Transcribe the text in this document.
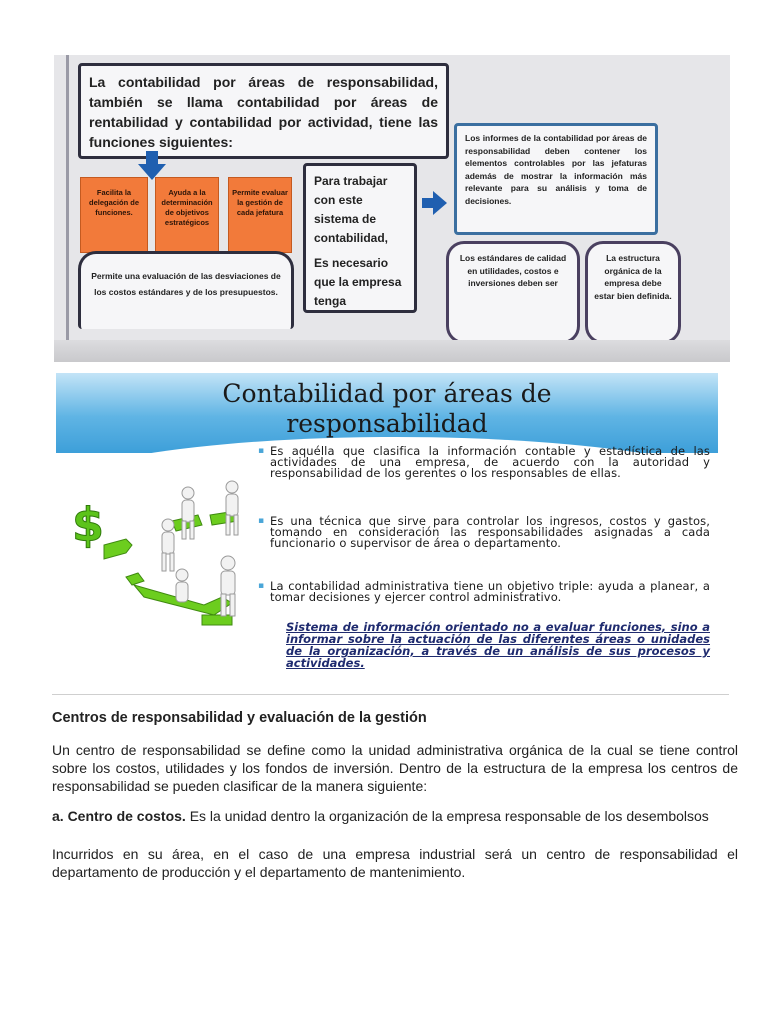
La contabilidad por áreas de responsabilidad, también se llama contabilidad por áreas de rentabilidad y contabilidad por actividad, tiene las funciones siguientes:
Facilita la delegación de funciones.
Ayuda a la determinación de objetivos estratégicos
Permite evaluar la gestión de cada jefatura
Permite una evaluación de las desviaciones de los costos estándares y de los presupuestos.
Para trabajar con este sistema de contabilidad,
Es necesario que la empresa tenga
Los informes de la contabilidad por áreas de responsabilidad deben contener los elementos controlables por las jefaturas además de mostrar la información más relevante para su análisis y toma de decisiones.
Los estándares de calidad en utilidades, costos e inversiones deben ser
La estructura orgánica de la empresa debe estar bien definida.
Contabilidad por áreas de
responsabilidad
$
▪ Es aquélla que clasifica la información contable y estadística de las actividades de una empresa, de acuerdo con la autoridad y responsabilidad de los gerentes o los responsables de ellas.
▪ Es una técnica que sirve para controlar los ingresos, costos y gastos, tomando en consideración las responsabilidades asignadas a cada funcionario o supervisor de área o departamento.
▪ La contabilidad administrativa tiene un objetivo triple: ayuda a planear, a tomar decisiones y ejercer control administrativo.
Sistema de información orientado no a evaluar funciones, sino a informar sobre la actuación de las diferentes áreas o unidades de la organización, a través de un análisis de sus procesos y actividades.
Centros de responsabilidad y evaluación de la gestión
Un centro de responsabilidad se define como la unidad administrativa orgánica de la cual se tiene control sobre los costos, utilidades y los fondos de inversión. Dentro de la estructura de la empresa los centros de responsabilidad se pueden clasificar de la manera siguiente:
a. Centro de costos. Es la unidad dentro la organización de la empresa responsable de los desembolsos
Incurridos en su área, en el caso de una empresa industrial será un centro de responsabilidad el departamento de producción y el departamento de mantenimiento.
